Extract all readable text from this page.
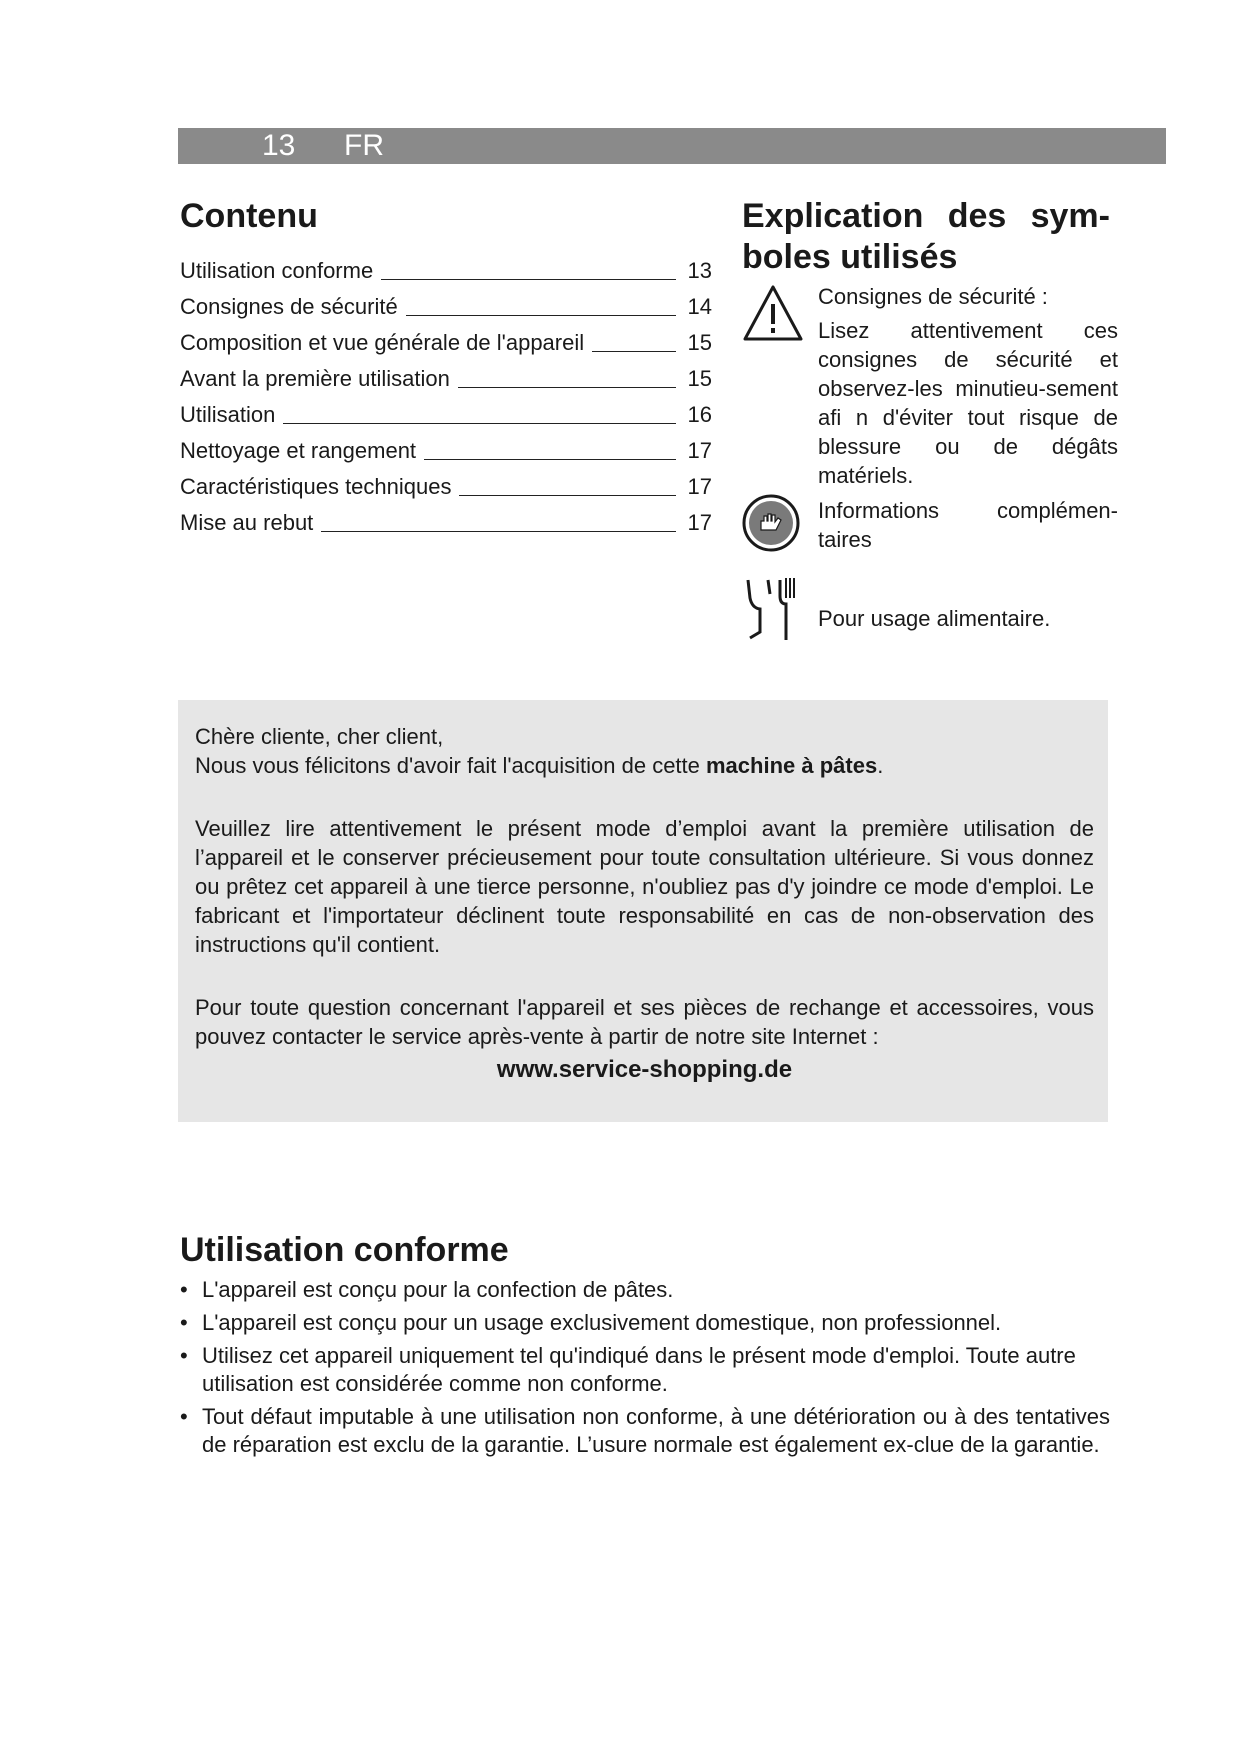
13 FR
Contenu
Utilisation conforme	13
Consignes de sécurité	14
Composition et vue générale de l'appareil	15
Avant la première utilisation	15
Utilisation	16
Nettoyage et rangement	17
Caractéristiques techniques	17
Mise au rebut	17
Explication des sym-boles utilisés
Consignes de sécurité :
Lisez attentivement ces consignes de sécurité et observez-les minutieu-sement afi n d'éviter tout risque de blessure ou de dégâts matériels.
Informations complémen-taires
Pour usage alimentaire.

Chère cliente, cher client,

Nous vous félicitons d'avoir fait l'acquisition de cette machine à pâtes.

Veuillez lire attentivement le présent mode d’emploi avant la première utilisation de l’appareil et le conserver précieusement pour toute consultation ultérieure. Si vous donnez ou prêtez cet appareil à une tierce personne, n'oubliez pas d'y joindre ce mode d'emploi. Le fabricant et l'importateur déclinent toute responsabilité en cas de non-observation des instructions qu'il contient.

Pour toute question concernant l'appareil et ses pièces de rechange et accessoires, vous pouvez contacter le service après-vente à partir de notre site Internet :

www.service-shopping.de

Utilisation conforme
• L'appareil est conçu pour la confection de pâtes.
• L'appareil est conçu pour un usage exclusivement domestique, non professionnel.
• Utilisez cet appareil uniquement tel qu'indiqué dans le présent mode d'emploi. Toute autre utilisation est considérée comme non conforme.
• Tout défaut imputable à une utilisation non conforme, à une détérioration ou à des tentatives de réparation est exclu de la garantie. L’usure normale est également ex-clue de la garantie.
